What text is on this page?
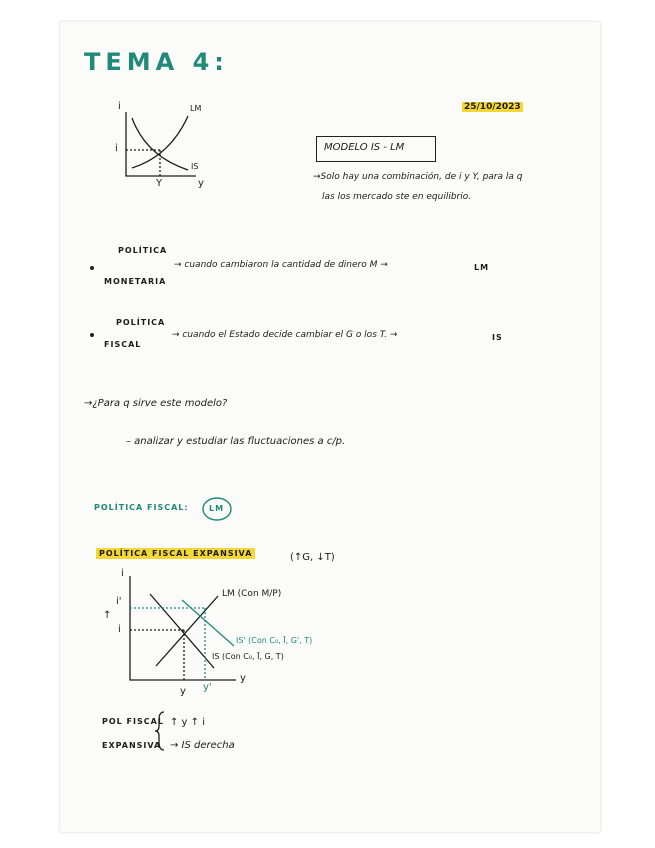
TEMA 4:
25/10/2023
i
y
LM
IS
i
Y
MODELO IS - LM
→Solo hay una combinación, de i y Y, para la q
las los mercado ste en equilibrio.
POLÍTICA
MONETARIA
→ cuando cambiaron la cantidad de dinero M →	LM
POLÍTICA
FISCAL
→ cuando el Estado decide cambiar el G o los T. →	IS
→¿Para q sirve este modelo?
– analizar y estudiar las fluctuaciones a c/p.
POLÍTICA FISCAL:	LM
POLÍTICA FISCAL EXPANSIVA	(↑G, ↓T)
i
y
i
i'
↑
y y'
LM (Con M/P)
IS' (Con C₀, Ī, G', T)
IS (Con C₀, Ī, G, T)
POL FISCAL
EXPANSIVA
↑ y ↑ i
→ IS derecha
